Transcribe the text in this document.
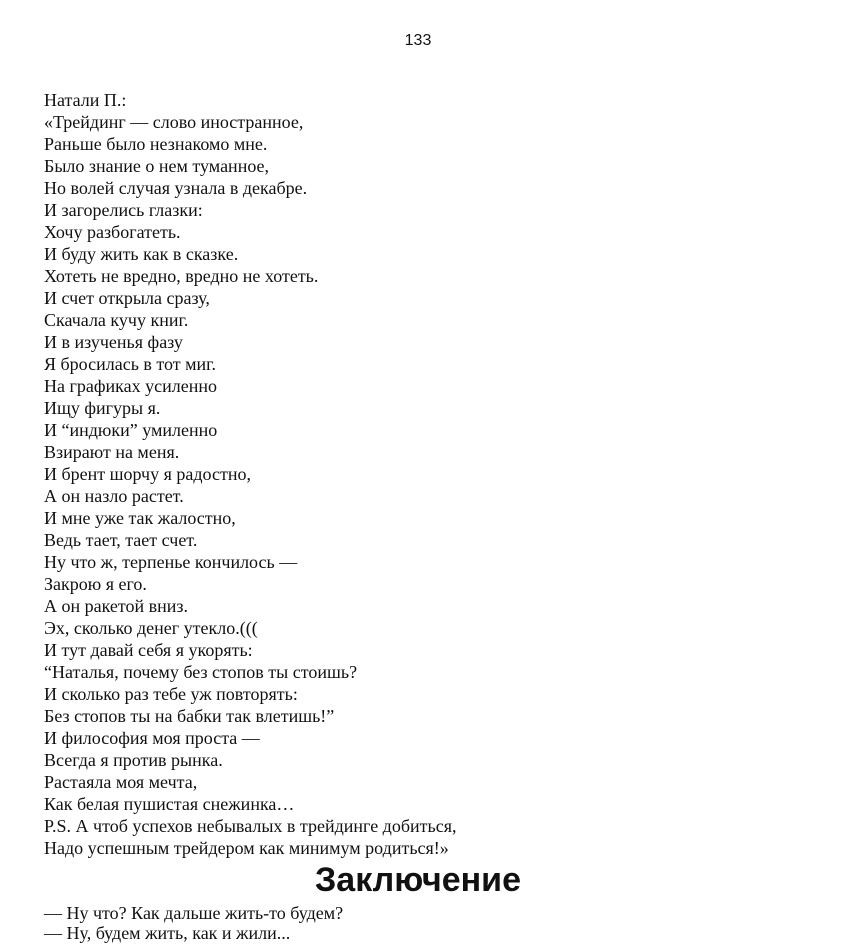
133
Натали П.:
«Трейдинг — слово иностранное,
Раньше было незнакомо мне.
Было знание о нем туманное,
Но волей случая узнала в декабре.
И загорелись глазки:
Хочу разбогатеть.
И буду жить как в сказке.
Хотеть не вредно, вредно не хотеть.
И счет открыла сразу,
Скачала кучу книг.
И в изученья фазу
Я бросилась в тот миг.
На графиках усиленно
Ищу фигуры я.
И “индюки” умиленно
Взирают на меня.
И брент шорчу я радостно,
А он назло растет.
И мне уже так жалостно,
Ведь тает, тает счет.
Ну что ж, терпенье кончилось —
Закрою я его.
А он ракетой вниз.
Эх, сколько денег утекло.(((
И тут давай себя я укорять:
“Наталья, почему без стопов ты стоишь?
И сколько раз тебе уж повторять:
Без стопов ты на бабки так влетишь!”
И философия моя проста —
Всегда я против рынка.
Растаяла моя мечта,
Как белая пушистая снежинка…
P.S. А чтоб успехов небывалых в трейдинге добиться,
Надо успешным трейдером как минимум родиться!»
Заключение
— Ну что? Как дальше жить-то будем?
— Ну, будем жить, как и жили...
